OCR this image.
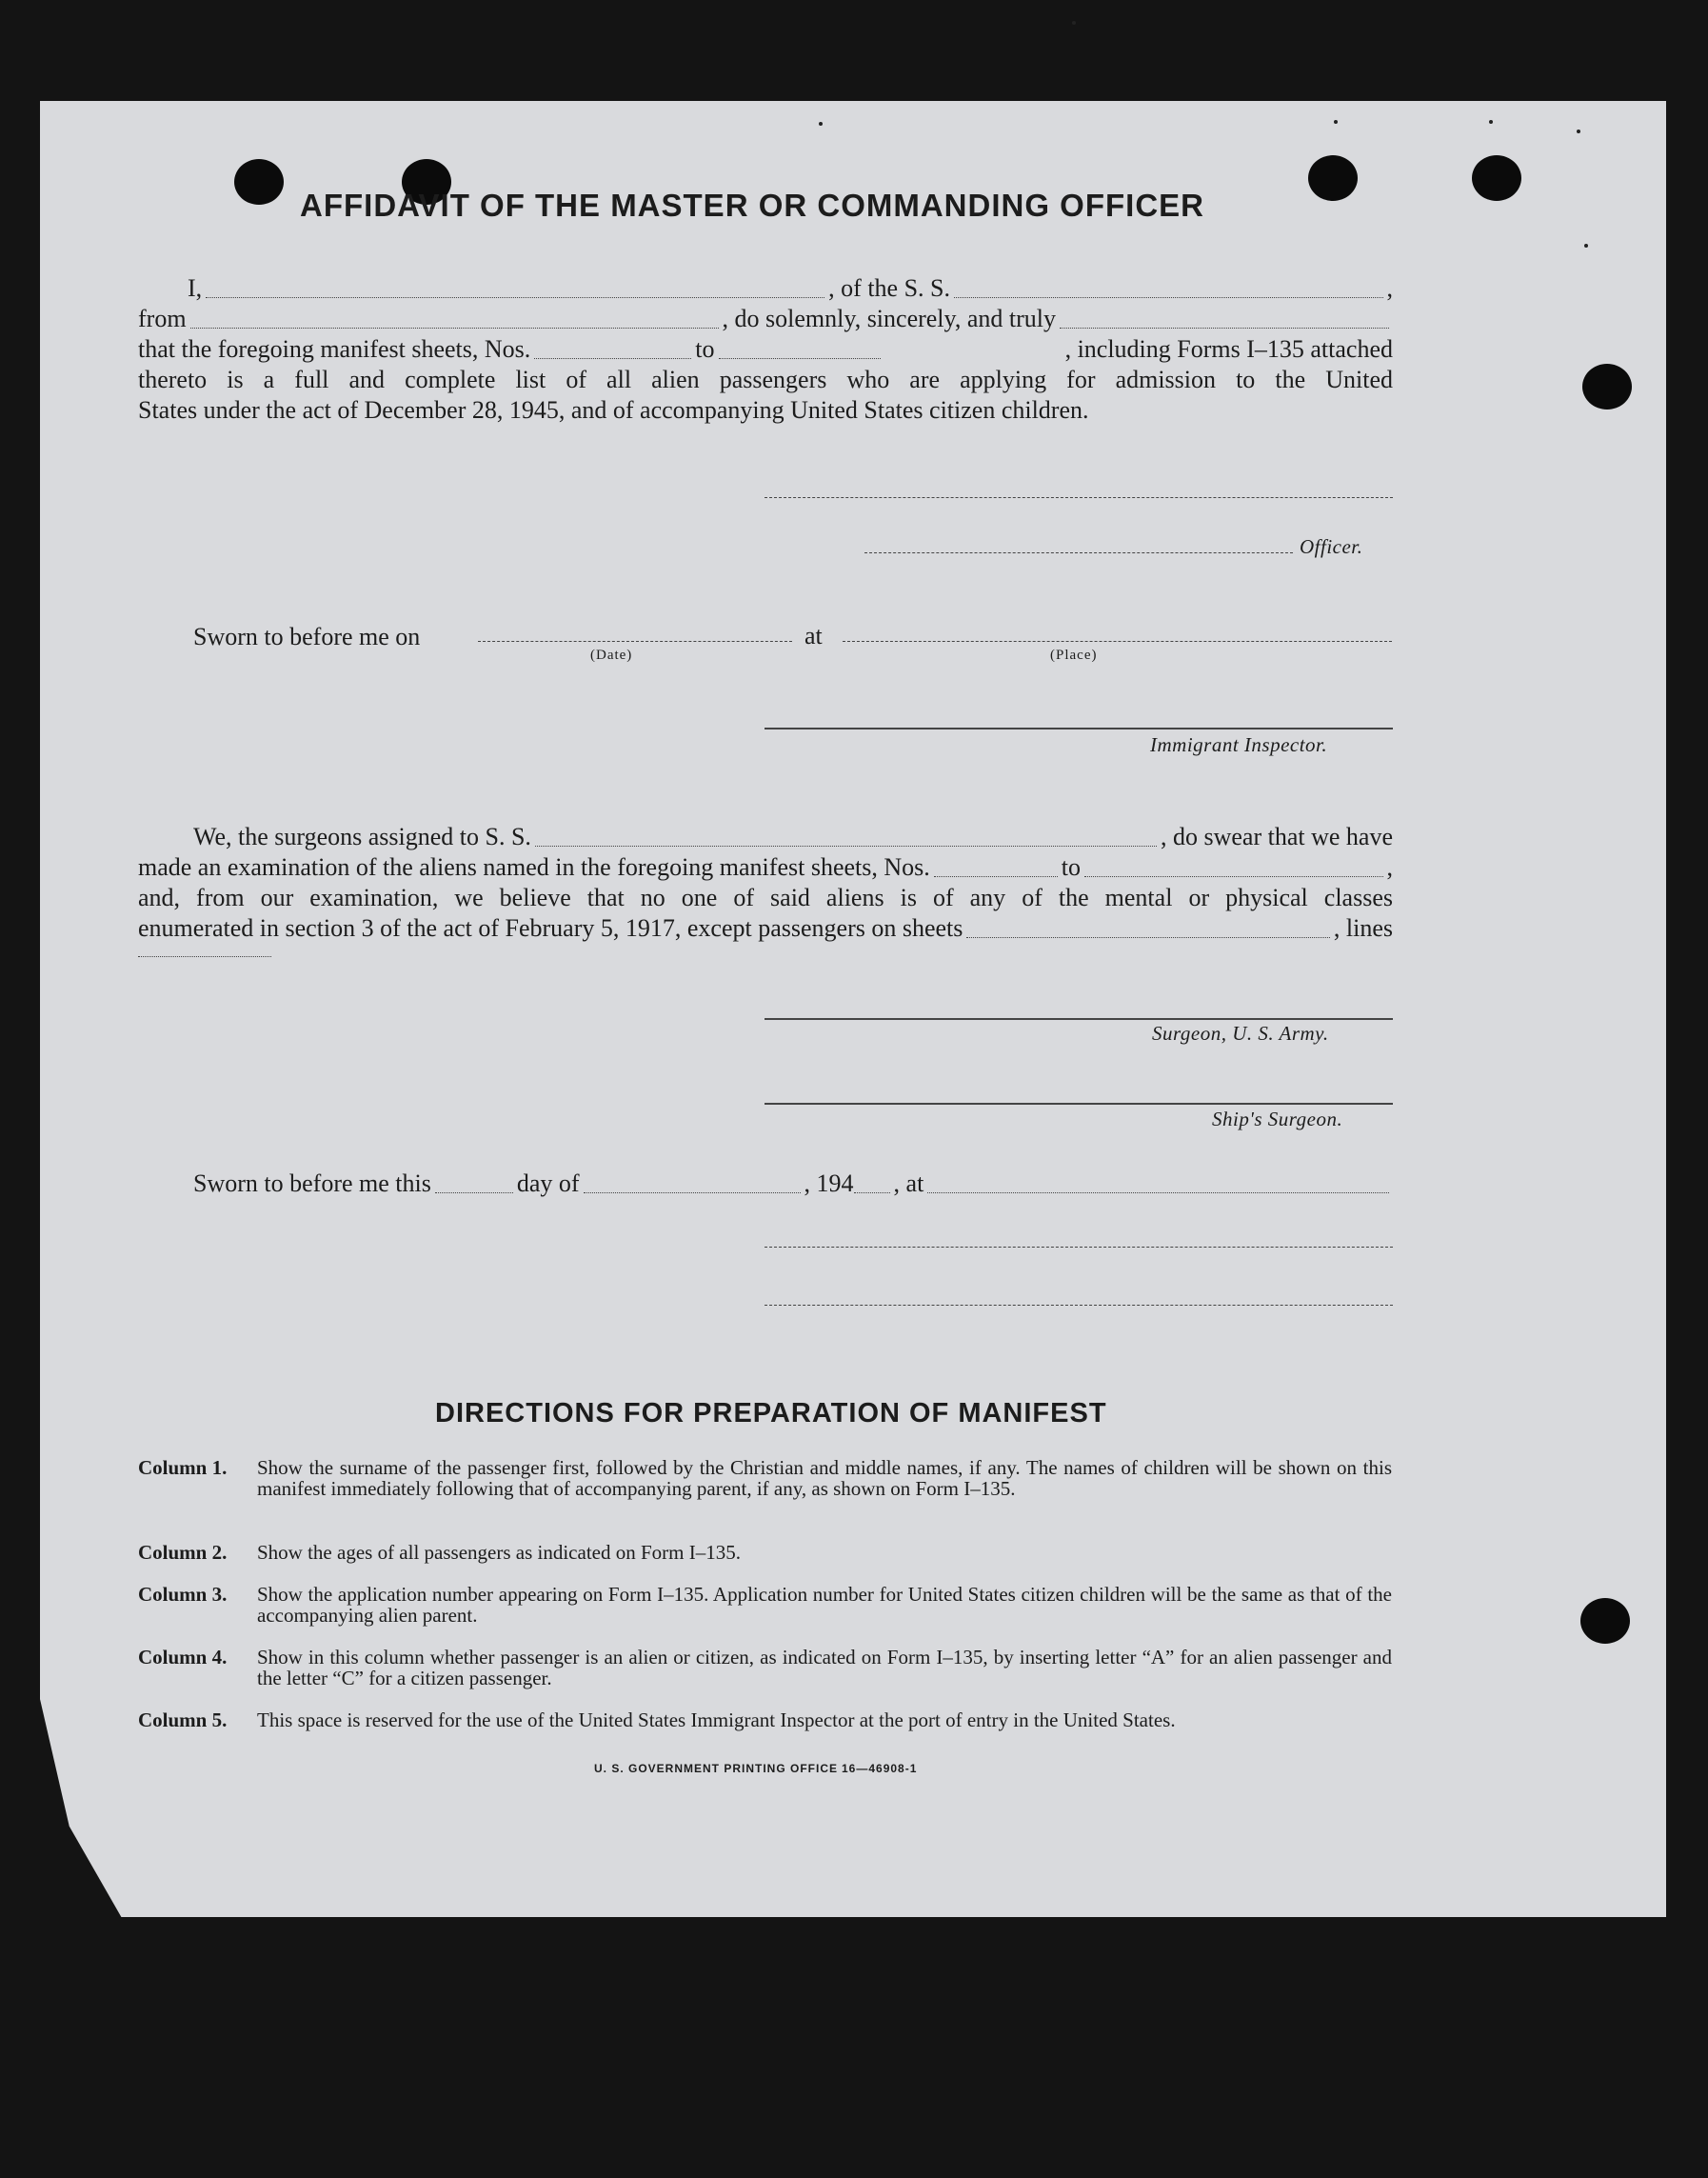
AFFIDAVIT OF THE MASTER OR COMMANDING OFFICER
I,	, of the S. S.	,
from	, do solemnly, sincerely, and truly
that the foregoing manifest sheets, Nos.	to	, including Forms I–135 attached
thereto is a full and complete list of all alien passengers who are applying for admission to the United
States under the act of December 28, 1945, and of accompanying United States citizen children.
Officer.
Sworn to before me on
(Date)
at
(Place)
Immigrant Inspector.
We, the surgeons assigned to S. S.	, do swear that we have
made an examination of the aliens named in the foregoing manifest sheets, Nos.	to	,
and, from our examination, we believe that no one of said aliens is of any of the mental or physical classes
enumerated in section 3 of the act of February 5, 1917, except passengers on sheets	, lines
Surgeon, U. S. Army.
Ship's Surgeon.
Sworn to before me this	day of	, 194 , at
DIRECTIONS FOR PREPARATION OF MANIFEST
Column 1. Show the surname of the passenger first, followed by the Christian and middle names, if any. The names of children will be shown on this manifest immediately following that of accompanying parent, if any, as shown on Form I–135.
Column 2. Show the ages of all passengers as indicated on Form I–135.
Column 3. Show the application number appearing on Form I–135. Application number for United States citizen children will be the same as that of the accompanying alien parent.
Column 4. Show in this column whether passenger is an alien or citizen, as indicated on Form I–135, by inserting letter “A” for an alien passenger and the letter “C” for a citizen passenger.
Column 5. This space is reserved for the use of the United States Immigrant Inspector at the port of entry in the United States.
U. S. GOVERNMENT PRINTING OFFICE 16—46908-1
